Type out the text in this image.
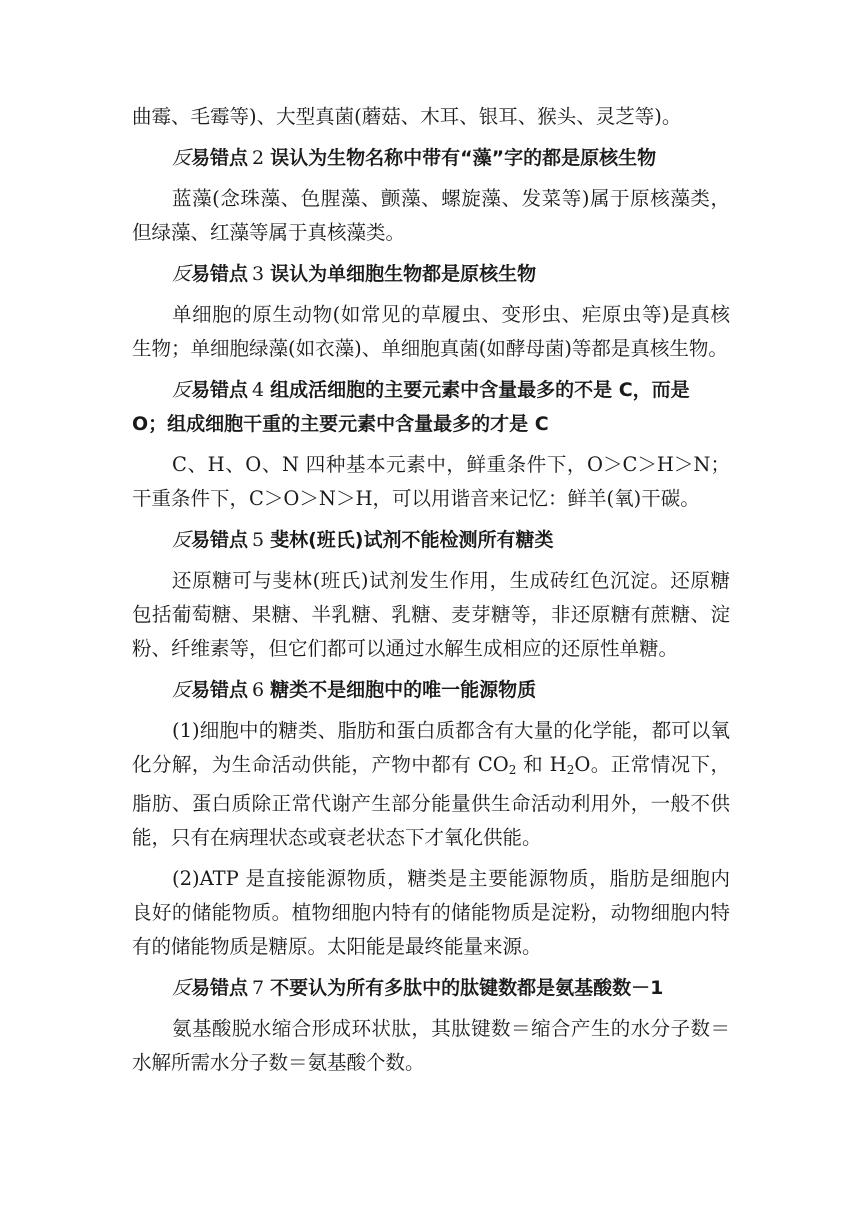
曲霉、毛霉等)、大型真菌(蘑菇、木耳、银耳、猴头、灵芝等)。

反易错点 2 误认为生物名称中带有“藻”字的都是原核生物

蓝藻(念珠藻、色腥藻、颤藻、螺旋藻、发菜等)属于原核藻类，但绿藻、红藻等属于真核藻类。

反易错点 3 误认为单细胞生物都是原核生物

单细胞的原生动物(如常见的草履虫、变形虫、疟原虫等)是真核生物；单细胞绿藻(如衣藻)、单细胞真菌(如酵母菌)等都是真核生物。

反易错点 4 组成活细胞的主要元素中含量最多的不是 C，而是 O；组成细胞干重的主要元素中含量最多的才是 C

C、H、O、N 四种基本元素中，鲜重条件下，O＞C＞H＞N；干重条件下，C＞O＞N＞H，可以用谐音来记忆：鲜羊(氧)干碳。

反易错点 5 斐林(班氏)试剂不能检测所有糖类

还原糖可与斐林(班氏)试剂发生作用，生成砖红色沉淀。还原糖包括葡萄糖、果糖、半乳糖、乳糖、麦芽糖等，非还原糖有蔗糖、淀粉、纤维素等，但它们都可以通过水解生成相应的还原性单糖。

反易错点 6 糖类不是细胞中的唯一能源物质

(1)细胞中的糖类、脂肪和蛋白质都含有大量的化学能，都可以氧化分解，为生命活动供能，产物中都有 $CO_2$ 和 $H_2O$。正常情况下，脂肪、蛋白质除正常代谢产生部分能量供生命活动利用外，一般不供能，只有在病理状态或衰老状态下才氧化供能。

(2)ATP 是直接能源物质，糖类是主要能源物质，脂肪是细胞内良好的储能物质。植物细胞内特有的储能物质是淀粉，动物细胞内特有的储能物质是糖原。太阳能是最终能量来源。

反易错点 7 不要认为所有多肽中的肽键数都是氨基酸数－1

氨基酸脱水缩合形成环状肽，其肽键数＝缩合产生的水分子数＝水解所需水分子数＝氨基酸个数。
